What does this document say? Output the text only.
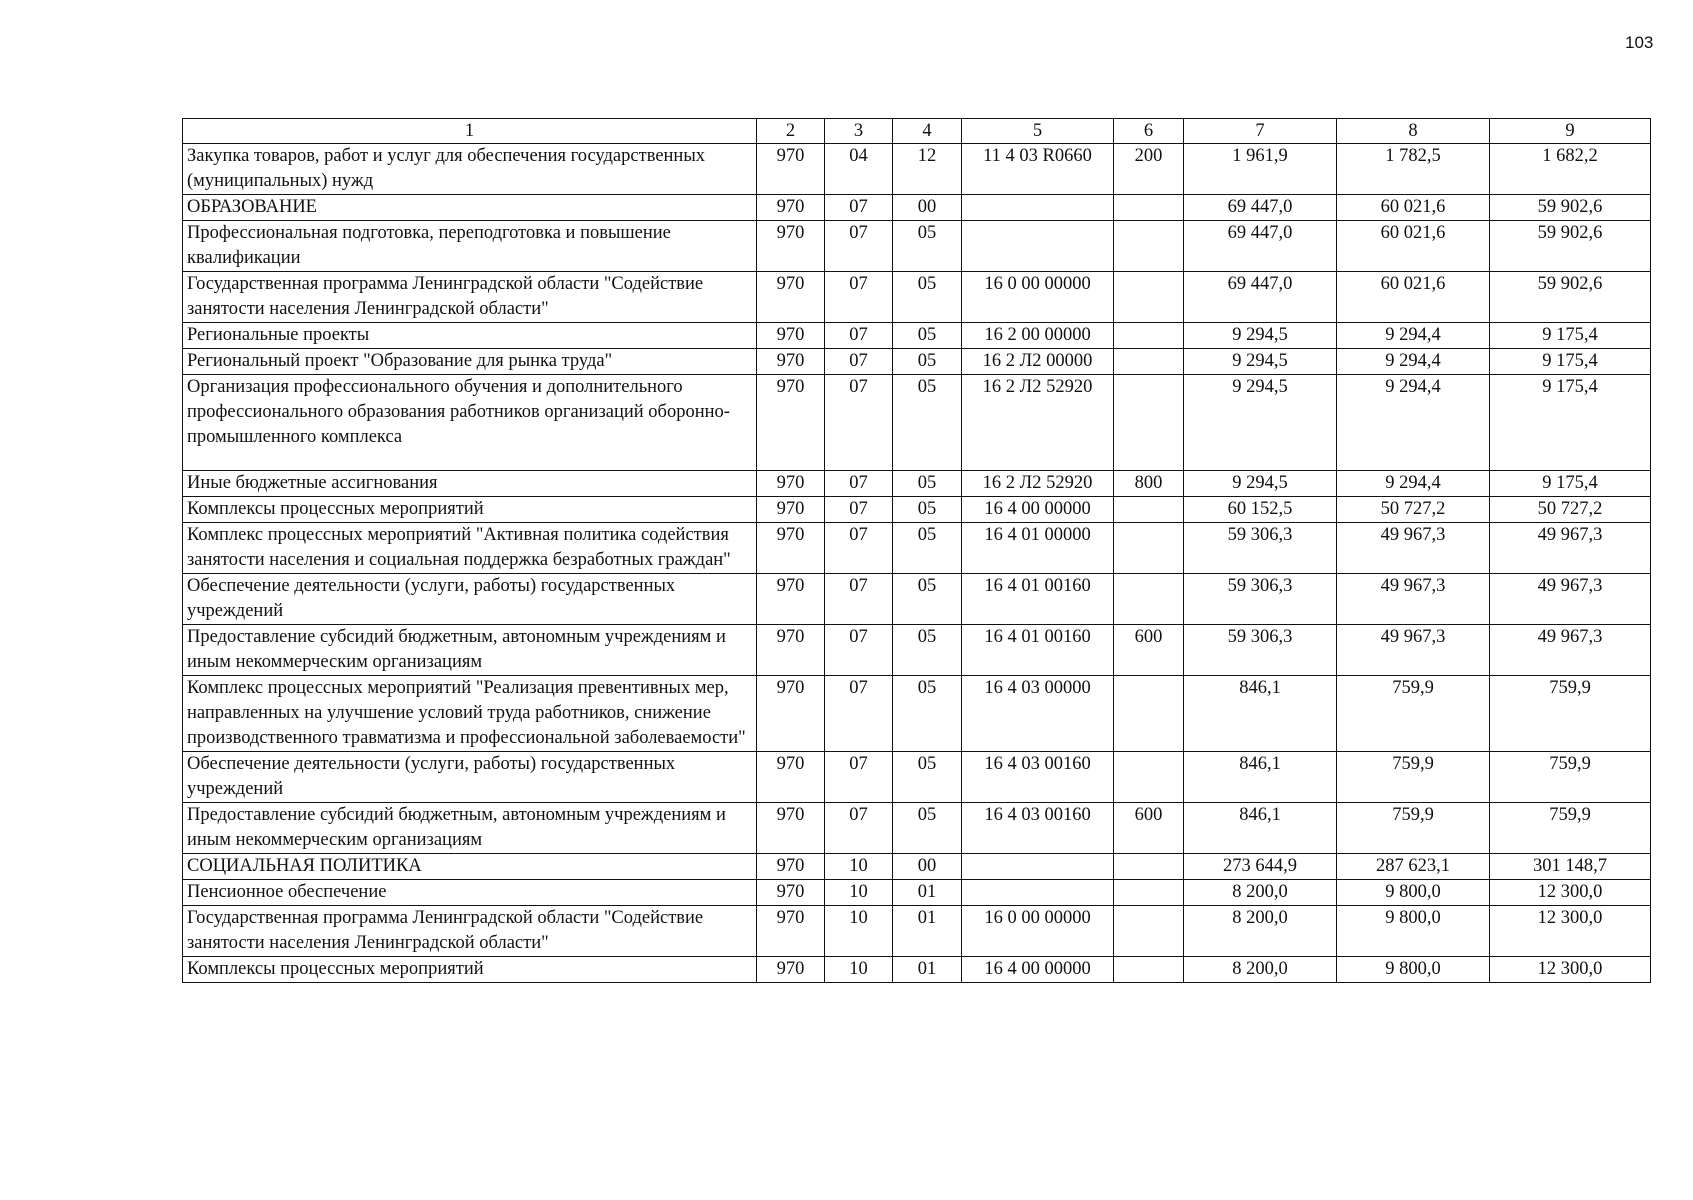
103
1	2	3	4	5	6	7	8	9
Закупка товаров, работ и услуг для обеспечения государственных (муниципальных) нужд	970	04	12	11 4 03 R0660	200	1 961,9	1 782,5	1 682,2
ОБРАЗОВАНИЕ	970	07	00			69 447,0	60 021,6	59 902,6
Профессиональная подготовка, переподготовка и повышение квалификации	970	07	05			69 447,0	60 021,6	59 902,6
Государственная программа Ленинградской области "Содействие занятости населения Ленинградской области"	970	07	05	16 0 00 00000		69 447,0	60 021,6	59 902,6
Региональные проекты	970	07	05	16 2 00 00000		9 294,5	9 294,4	9 175,4
Региональный проект "Образование для рынка труда"	970	07	05	16 2 Л2 00000		9 294,5	9 294,4	9 175,4
Организация профессионального обучения и дополнительного профессионального образования работников организаций оборонно-промышленного комплекса	970	07	05	16 2 Л2 52920		9 294,5	9 294,4	9 175,4
Иные бюджетные ассигнования	970	07	05	16 2 Л2 52920	800	9 294,5	9 294,4	9 175,4
Комплексы процессных мероприятий	970	07	05	16 4 00 00000		60 152,5	50 727,2	50 727,2
Комплекс процессных мероприятий "Активная политика содействия занятости населения и социальная поддержка безработных граждан"	970	07	05	16 4 01 00000		59 306,3	49 967,3	49 967,3
Обеспечение деятельности (услуги, работы) государственных учреждений	970	07	05	16 4 01 00160		59 306,3	49 967,3	49 967,3
Предоставление субсидий бюджетным, автономным учреждениям и иным некоммерческим организациям	970	07	05	16 4 01 00160	600	59 306,3	49 967,3	49 967,3
Комплекс процессных мероприятий "Реализация превентивных мер, направленных на улучшение условий труда работников, снижение производственного травматизма и профессиональной заболеваемости"	970	07	05	16 4 03 00000		846,1	759,9	759,9
Обеспечение деятельности (услуги, работы) государственных учреждений	970	07	05	16 4 03 00160		846,1	759,9	759,9
Предоставление субсидий бюджетным, автономным учреждениям и иным некоммерческим организациям	970	07	05	16 4 03 00160	600	846,1	759,9	759,9
СОЦИАЛЬНАЯ ПОЛИТИКА	970	10	00			273 644,9	287 623,1	301 148,7
Пенсионное обеспечение	970	10	01			8 200,0	9 800,0	12 300,0
Государственная программа Ленинградской области "Содействие занятости населения Ленинградской области"	970	10	01	16 0 00 00000		8 200,0	9 800,0	12 300,0
Комплексы процессных мероприятий	970	10	01	16 4 00 00000		8 200,0	9 800,0	12 300,0
